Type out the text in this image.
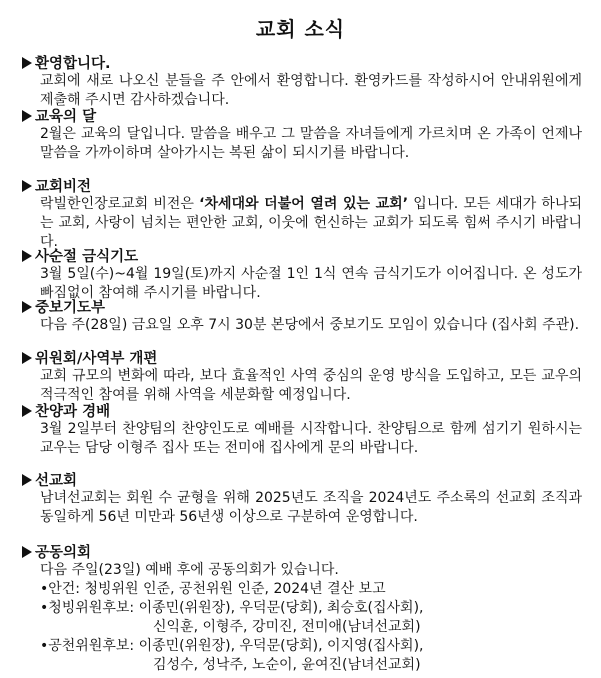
교회 소식
환영합니다.
교회에 새로 나오신 분들을 주 안에서 환영합니다. 환영카드를 작성하시어 안내위원에게 제출해 주시면 감사하겠습니다.
교육의 달
2월은 교육의 달입니다. 말씀을 배우고 그 말씀을 자녀들에게 가르치며 온 가족이 언제나 말씀을 가까이하며 살아가시는 복된 삶이 되시기를 바랍니다.
교회비전
락빌한인장로교회 비전은 ‘차세대와 더불어 열려 있는 교회’ 입니다. 모든 세대가 하나되는 교회, 사랑이 넘치는 편안한 교회, 이웃에 헌신하는 교회가 되도록 힘써 주시기 바랍니다.
사순절 금식기도
3월 5일(수)~4월 19일(토)까지 사순절 1인 1식 연속 금식기도가 이어집니다. 온 성도가 빠짐없이 참여해 주시기를 바랍니다.
중보기도부
다음 주(28일) 금요일 오후 7시 30분 본당에서 중보기도 모임이 있습니다 (집사회 주관).
위원회/사역부 개편
교회 규모의 변화에 따라, 보다 효율적인 사역 중심의 운영 방식을 도입하고, 모든 교우의 적극적인 참여를 위해 사역을 세분화할 예정입니다.
찬양과 경배
3월 2일부터 찬양팀의 찬양인도로 예배를 시작합니다. 찬양팀으로 함께 섬기기 원하시는 교우는 담당 이형주 집사 또는 전미애 집사에게 문의 바랍니다.
선교회
남녀선교회는 회원 수 균형을 위해 2025년도 조직을 2024년도 주소록의 선교회 조직과 동일하게 56년 미만과 56년생 이상으로 구분하여 운영합니다.
공동의회
다음 주일(23일) 예배 후에 공동의회가 있습니다.
•안건: 청빙위원 인준, 공천위원 인준, 2024년 결산 보고
•청빙위원후보: 이종민(위원장), 우덕문(당회), 최승호(집사회),
신익훈, 이형주, 강미진, 전미애(남녀선교회)
•공천위원후보: 이종민(위원장), 우덕문(당회), 이지영(집사회),
김성수, 성낙주, 노순이, 윤여진(남녀선교회)
